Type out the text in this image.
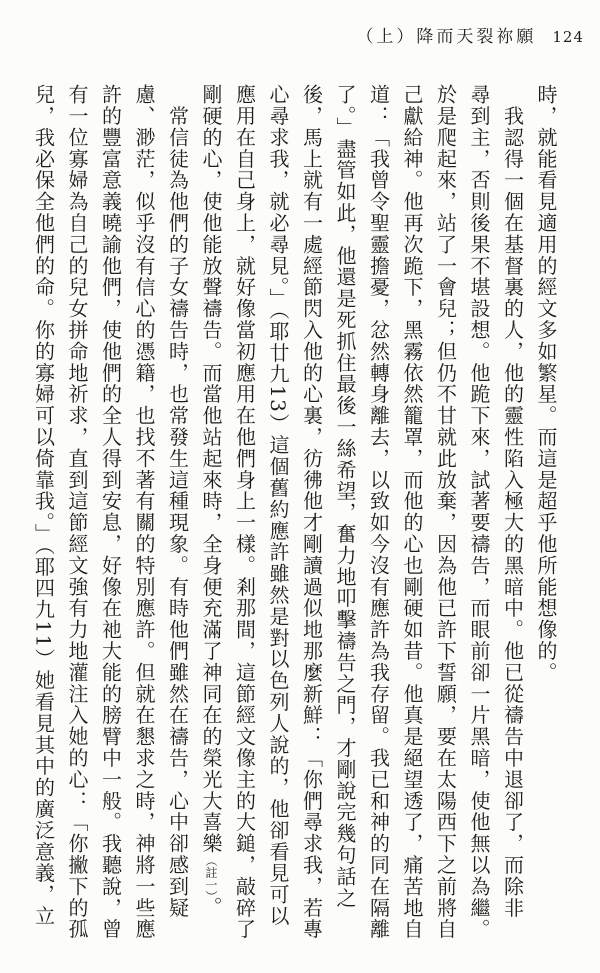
（上）降而天裂祢願 124
時，就能看見適用的經文多如繁星。而這是超乎他所能想像的。
　我認得一個在基督裏的人，他的靈性陷入極大的黑暗中。他已從禱告中退卻了，而除非
尋到主，否則後果不堪設想。他跪下來，試著要禱告，而眼前卻一片黑暗，使他無以為繼。
於是爬起來，站了一會兒；但仍不甘就此放棄，因為他已許下誓願，要在太陽西下之前將自
己獻給神。他再次跪下，黑霧依然籠罩，而他的心也剛硬如昔。他真是絕望透了，痛苦地自
道：「我曾令聖靈擔憂，忿然轉身離去，以致如今沒有應許為我存留。我已和神的同在隔離
了。」盡管如此，他還是死抓住最後一絲希望，奮力地叩擊禱告之門，才剛說完幾句話之
後，馬上就有一處經節閃入他的心裏，彷彿他才剛讀過似地那麼新鮮：「你們尋求我，若專
心尋求我，就必尋見。」（耶廿九13）這個舊約應許雖然是對以色列人說的，他卻看見可以
應用在自己身上，就好像當初應用在他們身上一樣。剎那間，這節經文像主的大鎚，敲碎了
剛硬的心，使他能放聲禱告。而當他站起來時，全身便充滿了神同在的榮光大喜樂（註一）。
　常信徒為他們的子女禱告時，也常發生這種現象。有時他們雖然在禱告，心中卻感到疑
慮、渺茫，似乎沒有信心的憑籍，也找不著有關的特別應許。但就在懇求之時，神將一些應
許的豐富意義曉諭他們，使他們的全人得到安息，好像在祂大能的膀臂中一般。我聽說，曾
有一位寡婦為自己的兒女拼命地祈求，直到這節經文強有力地灌注入她的心：「你撇下的孤
兒，我必保全他們的命。你的寡婦可以倚靠我。」（耶四九11）她看見其中的廣泛意義，立
